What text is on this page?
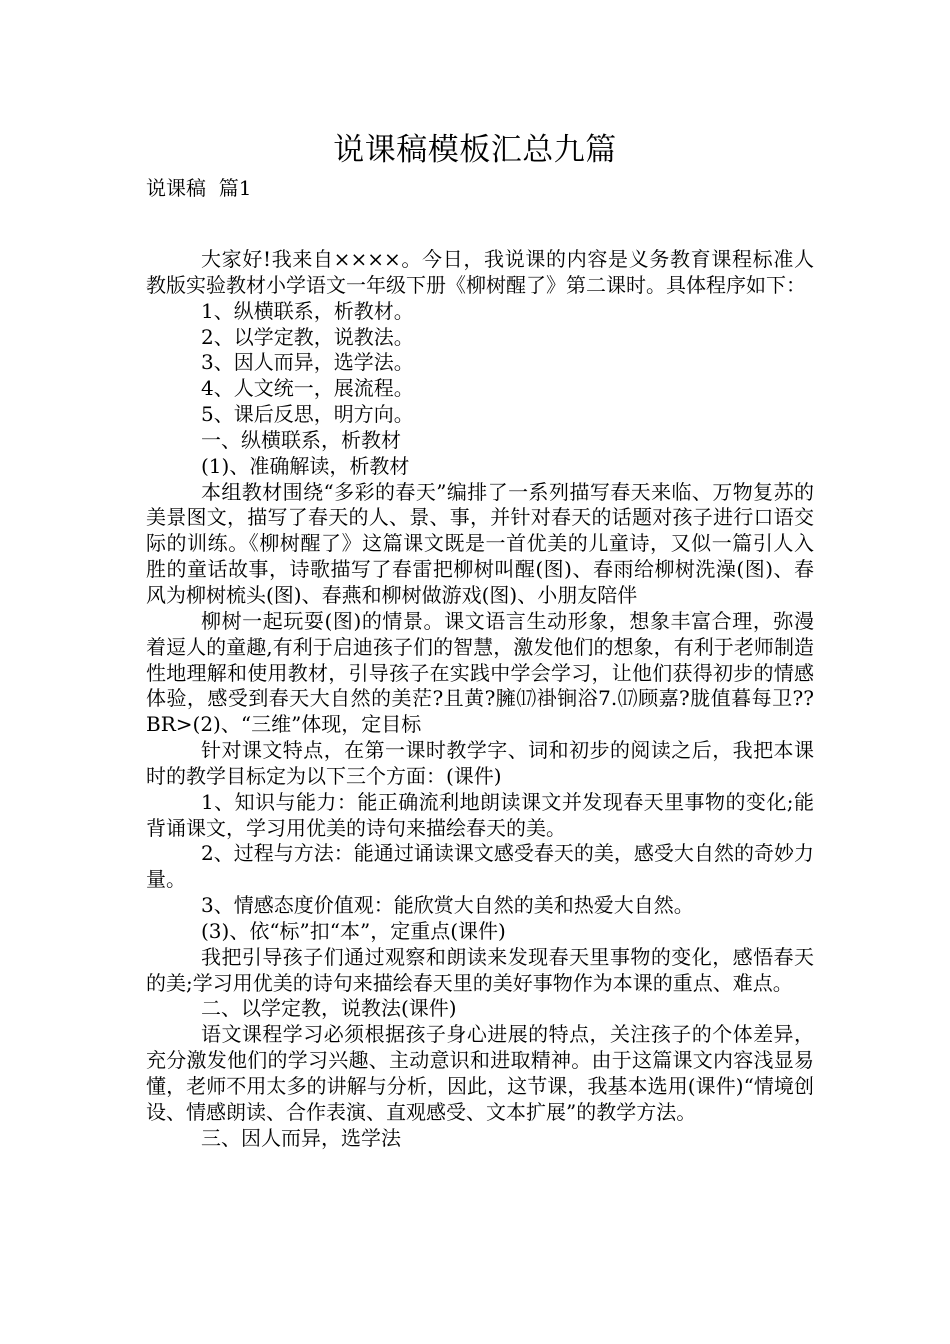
说课稿模板汇总九篇
说课稿  篇1

大家好!我来自××××。今日，我说课的内容是义务教育课程标准人教版实验教材小学语文一年级下册《柳树醒了》第二课时。具体程序如下：

1、纵横联系，析教材。

2、以学定教，说教法。

3、因人而异，选学法。

4、人文统一，展流程。

5、课后反思，明方向。

一、纵横联系，析教材

(1)、准确解读，析教材

本组教材围绕“多彩的春天”编排了一系列描写春天来临、万物复苏的美景图文，描写了春天的人、景、事，并针对春天的话题对孩子进行口语交际的训练。《柳树醒了》这篇课文既是一首优美的儿童诗，又似一篇引人入胜的童话故事，诗歌描写了春雷把柳树叫醒(图)、春雨给柳树洗澡(图)、春风为柳树梳头(图)、春燕和柳树做游戏(图)、小朋友陪伴

柳树一起玩耍(图)的情景。课文语言生动形象，想象丰富合理，弥漫着逗人的童趣,有利于启迪孩子们的智慧，激发他们的想象，有利于老师制造性地理解和使用教材，引导孩子在实践中学会学习，让他们获得初步的情感体验，感受到春天大自然的美茫?且黄?臃⒄褂锏浴7.⒄顾嘉?胧值暮每卫??BR>(2)、“三维”体现，定目标

针对课文特点，在第一课时教学字、词和初步的阅读之后，我把本课时的教学目标定为以下三个方面：(课件)

1、知识与能力：能正确流利地朗读课文并发现春天里事物的变化;能背诵课文，学习用优美的诗句来描绘春天的美。

2、过程与方法：能通过诵读课文感受春天的美，感受大自然的奇妙力量。

3、情感态度价值观：能欣赏大自然的美和热爱大自然。

(3)、依“标”扣“本”，定重点(课件)

我把引导孩子们通过观察和朗读来发现春天里事物的变化，感悟春天的美;学习用优美的诗句来描绘春天里的美好事物作为本课的重点、难点。

二、以学定教，说教法(课件)

语文课程学习必须根据孩子身心进展的特点，关注孩子的个体差异，充分激发他们的学习兴趣、主动意识和进取精神。由于这篇课文内容浅显易懂，老师不用太多的讲解与分析，因此，这节课，我基本选用(课件)“情境创设、情感朗读、合作表演、直观感受、文本扩展”的教学方法。

三、因人而异，选学法
